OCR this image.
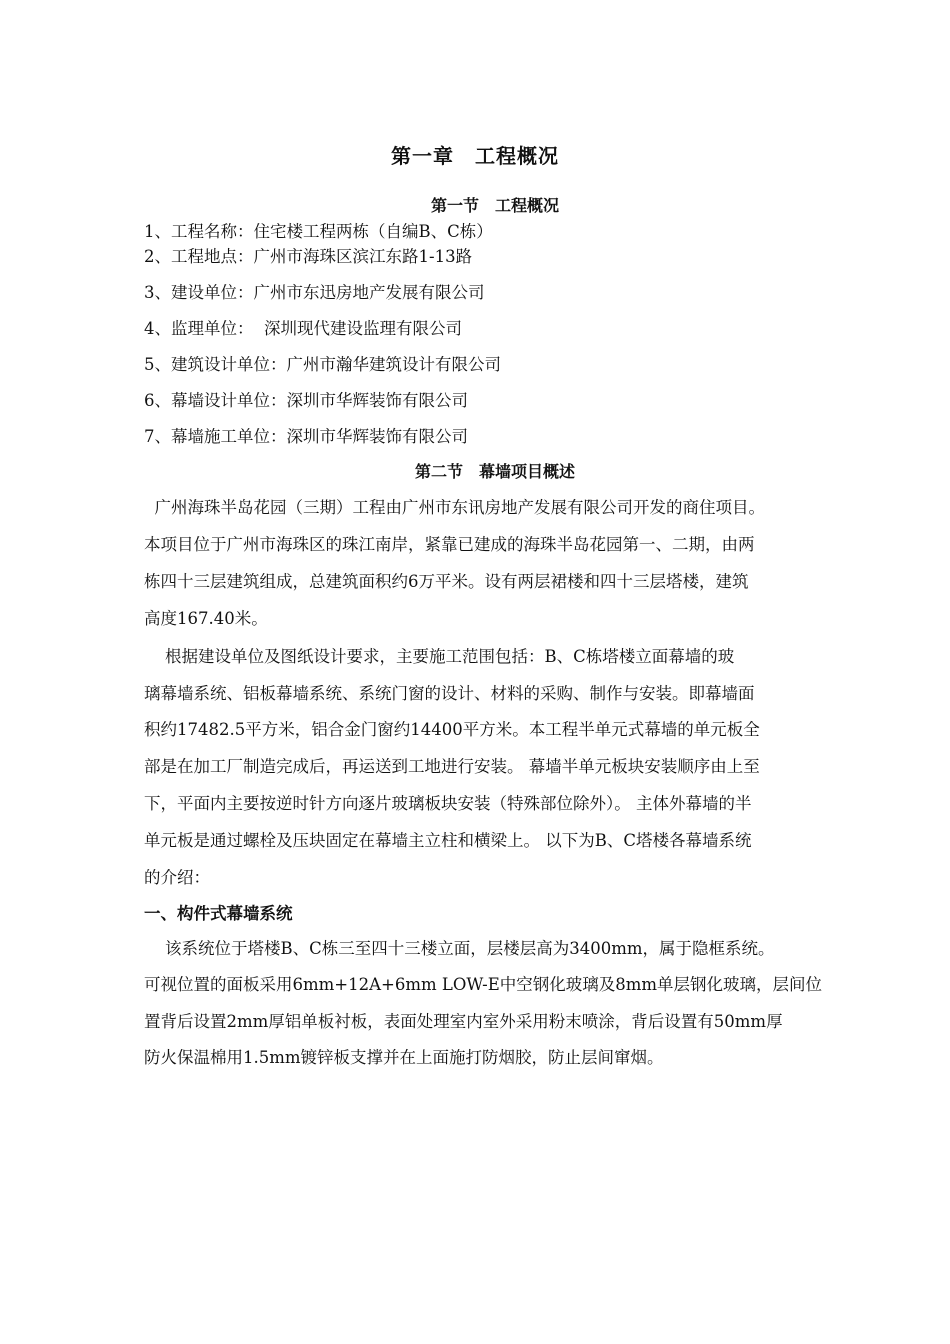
第一章　工程概况
第一节　工程概况
1、工程名称：住宅楼工程两栋（自编B、C栋）
2、工程地点：广州市海珠区滨江东路1-13路
3、建设单位：广州市东迅房地产发展有限公司
4、监理单位：  深圳现代建设监理有限公司
5、建筑设计单位：广州市瀚华建筑设计有限公司
6、幕墙设计单位：深圳市华辉装饰有限公司
7、幕墙施工单位：深圳市华辉装饰有限公司
第二节　幕墙项目概述
广州海珠半岛花园（三期）工程由广州市东讯房地产发展有限公司开发的商住项目。
本项目位于广州市海珠区的珠江南岸，紧靠已建成的海珠半岛花园第一、二期，由两
栋四十三层建筑组成，总建筑面积约6万平米。设有两层裙楼和四十三层塔楼，建筑
高度167.40米。
根据建设单位及图纸设计要求，主要施工范围包括：B、C栋塔楼立面幕墙的玻
璃幕墙系统、铝板幕墙系统、系统门窗的设计、材料的采购、制作与安装。即幕墙面
积约17482.5平方米，铝合金门窗约14400平方米。本工程半单元式幕墙的单元板全
部是在加工厂制造完成后，再运送到工地进行安装。 幕墙半单元板块安装顺序由上至
下，平面内主要按逆时针方向逐片玻璃板块安装（特殊部位除外）。 主体外幕墙的半
单元板是通过螺栓及压块固定在幕墙主立柱和横梁上。 以下为B、C塔楼各幕墙系统
的介绍：
一、构件式幕墙系统
该系统位于塔楼B、C栋三至四十三楼立面，层楼层高为3400mm，属于隐框系统。
可视位置的面板采用6mm+12A+6mm LOW-E中空钢化玻璃及8mm单层钢化玻璃，层间位
置背后设置2mm厚铝单板衬板，表面处理室内室外采用粉末喷涂，背后设置有50mm厚
防火保温棉用1.5mm镀锌板支撑并在上面施打防烟胶，防止层间窜烟。
